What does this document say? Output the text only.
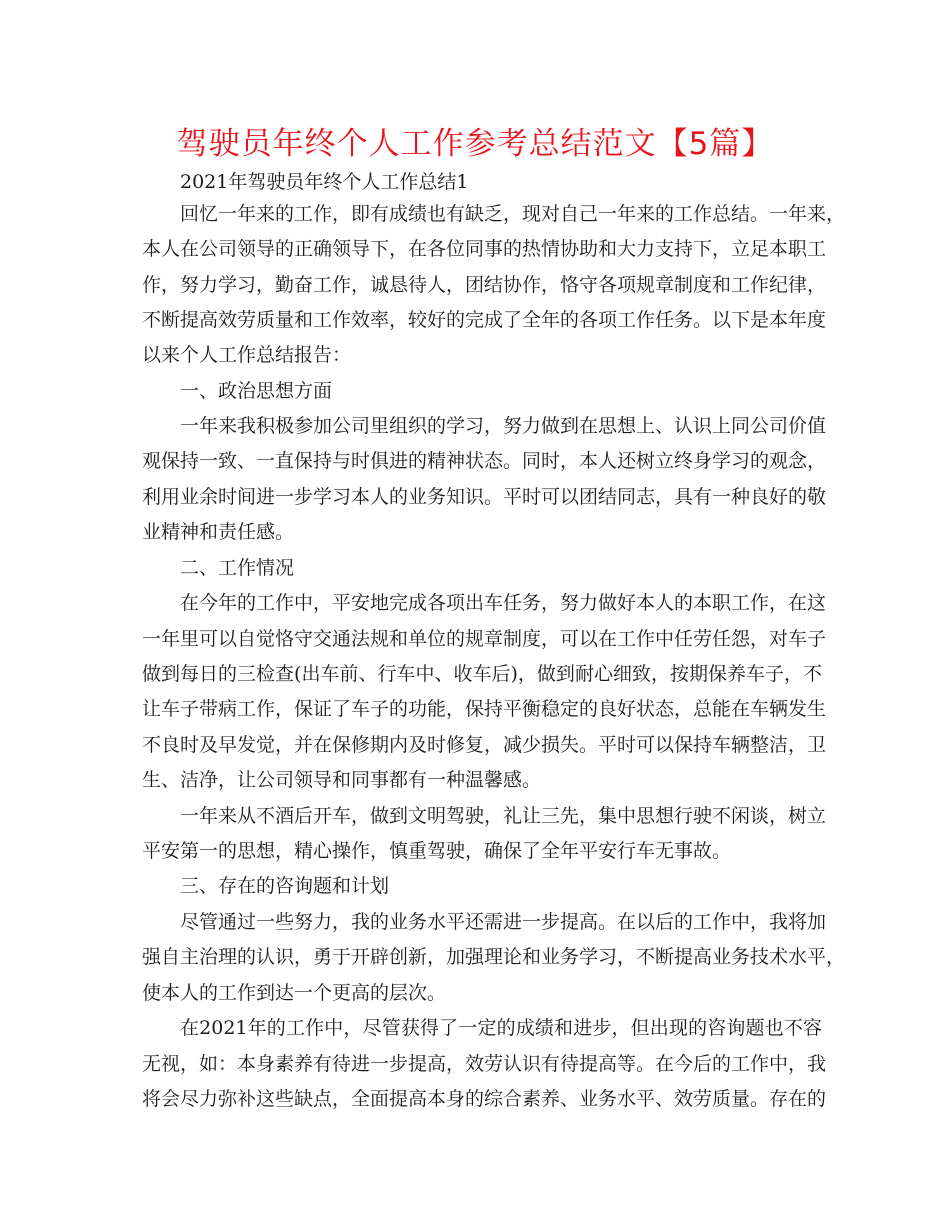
驾驶员年终个人工作参考总结范文【5篇】
2021年驾驶员年终个人工作总结1
回忆一年来的工作，即有成绩也有缺乏，现对自己一年来的工作总结。一年来，
本人在公司领导的正确领导下，在各位同事的热情协助和大力支持下，立足本职工
作，努力学习，勤奋工作，诚恳待人，团结协作，恪守各项规章制度和工作纪律，
不断提高效劳质量和工作效率，较好的完成了全年的各项工作任务。以下是本年度
以来个人工作总结报告：
一、政治思想方面
一年来我积极参加公司里组织的学习，努力做到在思想上、认识上同公司价值
观保持一致、一直保持与时俱进的精神状态。同时，本人还树立终身学习的观念，
利用业余时间进一步学习本人的业务知识。平时可以团结同志，具有一种良好的敬
业精神和责任感。
二、工作情况
在今年的工作中，平安地完成各项出车任务，努力做好本人的本职工作，在这
一年里可以自觉恪守交通法规和单位的规章制度，可以在工作中任劳任怨，对车子
做到每日的三检查(出车前、行车中、收车后)，做到耐心细致，按期保养车子，不
让车子带病工作，保证了车子的功能，保持平衡稳定的良好状态，总能在车辆发生
不良时及早发觉，并在保修期内及时修复，减少损失。平时可以保持车辆整洁，卫
生、洁净，让公司领导和同事都有一种温馨感。
一年来从不酒后开车，做到文明驾驶，礼让三先，集中思想行驶不闲谈，树立
平安第一的思想，精心操作，慎重驾驶，确保了全年平安行车无事故。
三、存在的咨询题和计划
尽管通过一些努力，我的业务水平还需进一步提高。在以后的工作中，我将加
强自主治理的认识，勇于开辟创新，加强理论和业务学习，不断提高业务技术水平，
使本人的工作到达一个更高的层次。
在2021年的工作中，尽管获得了一定的成绩和进步，但出现的咨询题也不容
无视，如：本身素养有待进一步提高，效劳认识有待提高等。在今后的工作中，我
将会尽力弥补这些缺点，全面提高本身的综合素养、业务水平、效劳质量。存在的
